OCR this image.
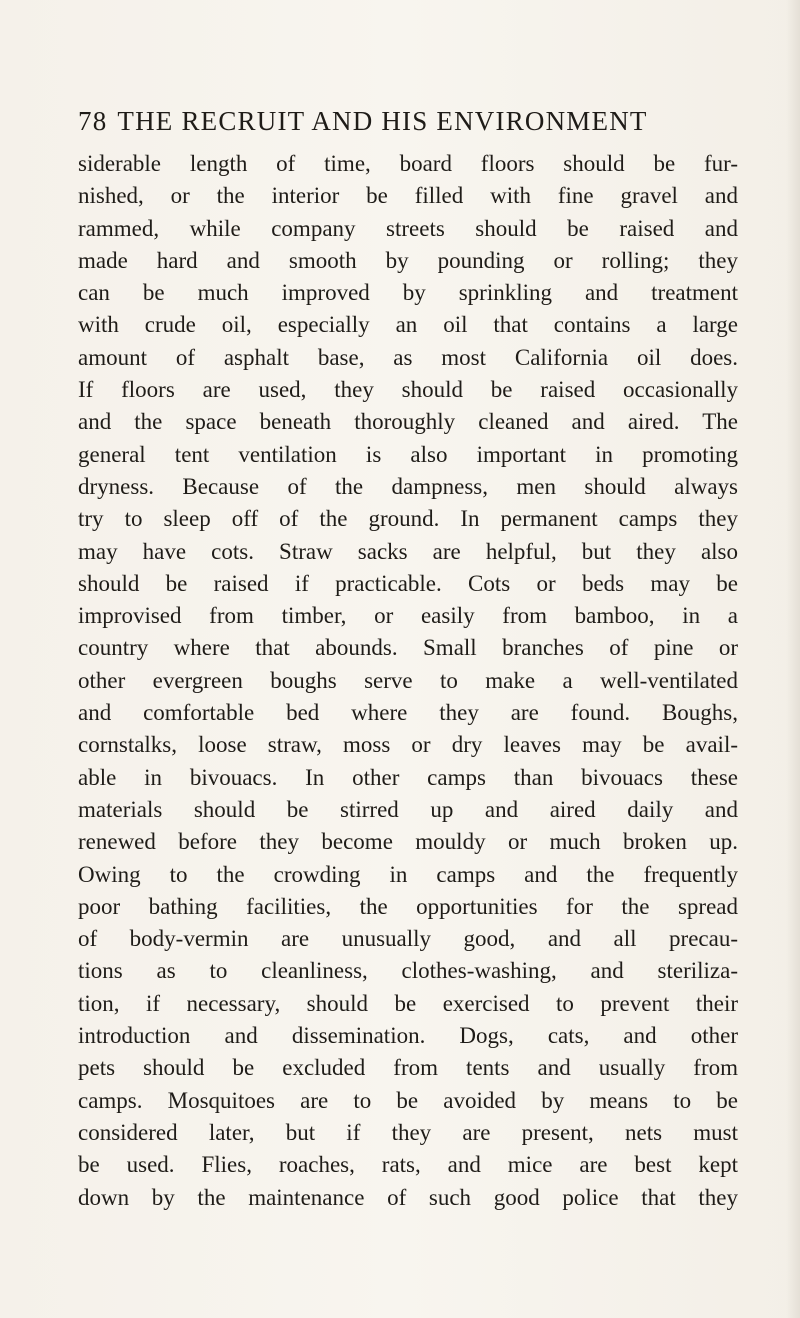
78 THE RECRUIT AND HIS ENVIRONMENT
siderable length of time, board floors should be fur-
nished, or the interior be filled with fine gravel and
rammed, while company streets should be raised and
made hard and smooth by pounding or rolling; they
can be much improved by sprinkling and treatment
with crude oil, especially an oil that contains a large
amount of asphalt base, as most California oil does.
If floors are used, they should be raised occasionally
and the space beneath thoroughly cleaned and aired. The
general tent ventilation is also important in promoting
dryness. Because of the dampness, men should always
try to sleep off of the ground. In permanent camps they
may have cots. Straw sacks are helpful, but they also
should be raised if practicable. Cots or beds may be
improvised from timber, or easily from bamboo, in a
country where that abounds. Small branches of pine or
other evergreen boughs serve to make a well-ventilated
and comfortable bed where they are found. Boughs,
cornstalks, loose straw, moss or dry leaves may be avail-
able in bivouacs. In other camps than bivouacs these
materials should be stirred up and aired daily and
renewed before they become mouldy or much broken up.
Owing to the crowding in camps and the frequently
poor bathing facilities, the opportunities for the spread
of body-vermin are unusually good, and all precau-
tions as to cleanliness, clothes-washing, and steriliza-
tion, if necessary, should be exercised to prevent their
introduction and dissemination. Dogs, cats, and other
pets should be excluded from tents and usually from
camps. Mosquitoes are to be avoided by means to be
considered later, but if they are present, nets must
be used. Flies, roaches, rats, and mice are best kept
down by the maintenance of such good police that they
